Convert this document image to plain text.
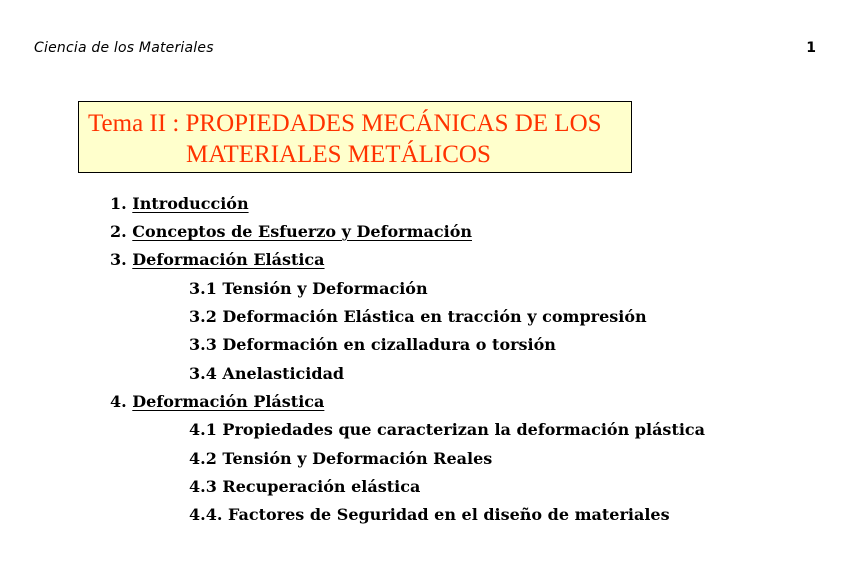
Ciencia de los Materiales	1
Tema II : PROPIEDADES MECÁNICAS DE LOS
MATERIALES METÁLICOS
1. Introducción
2. Conceptos de Esfuerzo y Deformación
3. Deformación Elástica
3.1 Tensión y Deformación
3.2 Deformación Elástica en tracción y compresión
3.3 Deformación en cizalladura o torsión
3.4 Anelasticidad
4. Deformación Plástica
4.1 Propiedades que caracterizan la deformación plástica
4.2 Tensión y Deformación Reales
4.3 Recuperación elástica
4.4. Factores de Seguridad en el diseño de materiales
